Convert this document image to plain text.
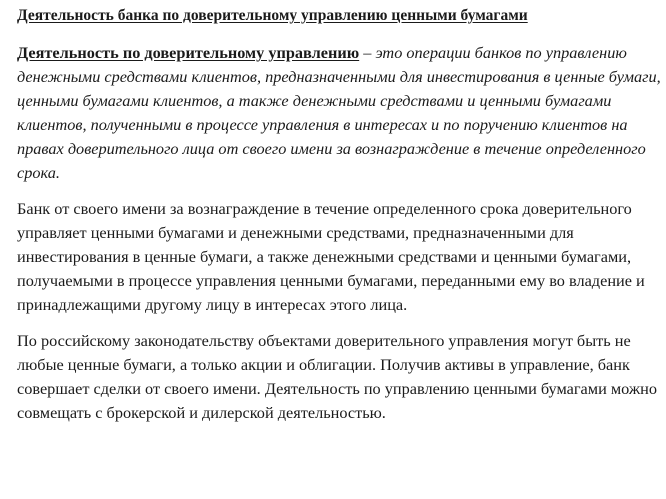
Деятельность банка по доверительному управлению ценными бумагами

Деятельность по доверительному управлению – это операции банков по управлению денежными средствами клиентов, предназначенными для инвестирования в ценные бумаги, ценными бумагами клиентов, а также денежными средствами и ценными бумагами клиентов, полученными в процессе управления в интересах и по поручению клиентов на правах доверительного лица от своего имени за вознаграждение в течение определенного срока.

Банк от своего имени за вознаграждение в течение определенного срока доверительного управляет ценными бумагами и денежными средствами, предназначенными для инвестирования в ценные бумаги, а также денежными средствами и ценными бумагами, получаемыми в процессе управления ценными бумагами, переданными ему во владение и принадлежащими другому лицу в интересах этого лица.

По российскому законодательству объектами доверительного управления могут быть не любые ценные бумаги, а только акции и облигации. Получив активы в управление, банк совершает сделки от своего имени. Деятельность по управлению ценными бумагами можно совмещать с брокерской и дилерской деятельностью.
